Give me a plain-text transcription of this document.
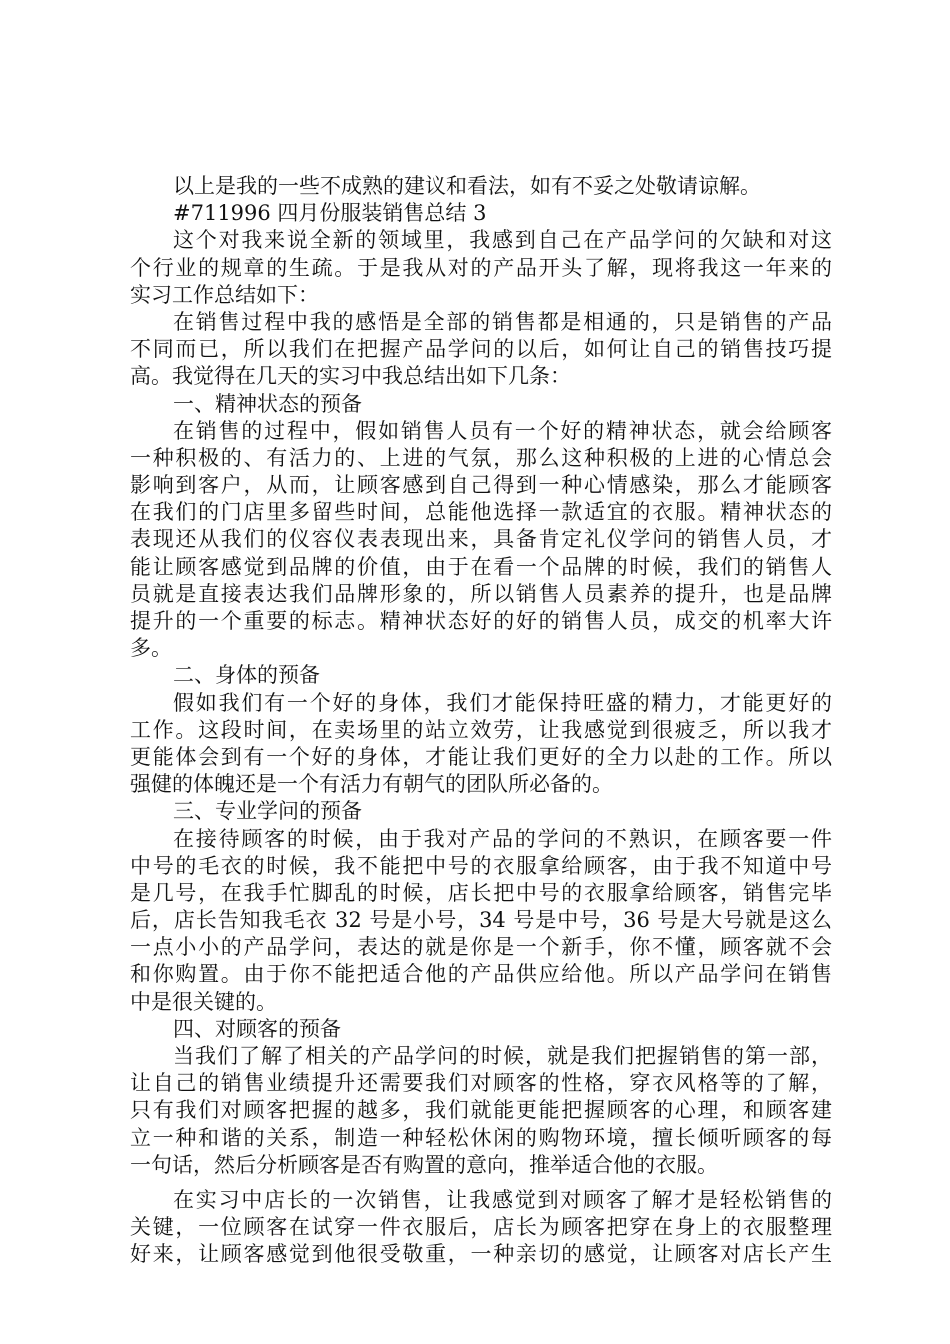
以上是我的一些不成熟的建议和看法，如有不妥之处敬请谅解。
#711996 四月份服装销售总结 3
这个对我来说全新的领域里，我感到自己在产品学问的欠缺和对这
个行业的规章的生疏。于是我从对的产品开头了解，现将我这一年来的
实习工作总结如下：
在销售过程中我的感悟是全部的销售都是相通的，只是销售的产品
不同而已，所以我们在把握产品学问的以后，如何让自己的销售技巧提
高。我觉得在几天的实习中我总结出如下几条：
一、精神状态的预备
在销售的过程中，假如销售人员有一个好的精神状态，就会给顾客
一种积极的、有活力的、上进的气氛，那么这种积极的上进的心情总会
影响到客户，从而，让顾客感到自己得到一种心情感染，那么才能顾客
在我们的门店里多留些时间，总能他选择一款适宜的衣服。精神状态的
表现还从我们的仪容仪表表现出来，具备肯定礼仪学问的销售人员，才
能让顾客感觉到品牌的价值，由于在看一个品牌的时候，我们的销售人
员就是直接表达我们品牌形象的，所以销售人员素养的提升，也是品牌
提升的一个重要的标志。精神状态好的好的销售人员，成交的机率大许
多。
二、身体的预备
假如我们有一个好的身体，我们才能保持旺盛的精力，才能更好的
工作。这段时间，在卖场里的站立效劳，让我感觉到很疲乏，所以我才
更能体会到有一个好的身体，才能让我们更好的全力以赴的工作。所以
强健的体魄还是一个有活力有朝气的团队所必备的。
三、专业学问的预备
在接待顾客的时候，由于我对产品的学问的不熟识，在顾客要一件
中号的毛衣的时候，我不能把中号的衣服拿给顾客，由于我不知道中号
是几号，在我手忙脚乱的时候，店长把中号的衣服拿给顾客，销售完毕
后，店长告知我毛衣 32 号是小号，34 号是中号，36 号是大号就是这么
一点小小的产品学问，表达的就是你是一个新手，你不懂，顾客就不会
和你购置。由于你不能把适合他的产品供应给他。所以产品学问在销售
中是很关键的。
四、对顾客的预备
当我们了解了相关的产品学问的时候，就是我们把握销售的第一部，
让自己的销售业绩提升还需要我们对顾客的性格，穿衣风格等的了解，
只有我们对顾客把握的越多，我们就能更能把握顾客的心理，和顾客建
立一种和谐的关系，制造一种轻松休闲的购物环境，擅长倾听顾客的每
一句话，然后分析顾客是否有购置的意向，推举适合他的衣服。
在实习中店长的一次销售，让我感觉到对顾客了解才是轻松销售的
关键，一位顾客在试穿一件衣服后，店长为顾客把穿在身上的衣服整理
好来，让顾客感觉到他很受敬重，一种亲切的感觉，让顾客对店长产生
